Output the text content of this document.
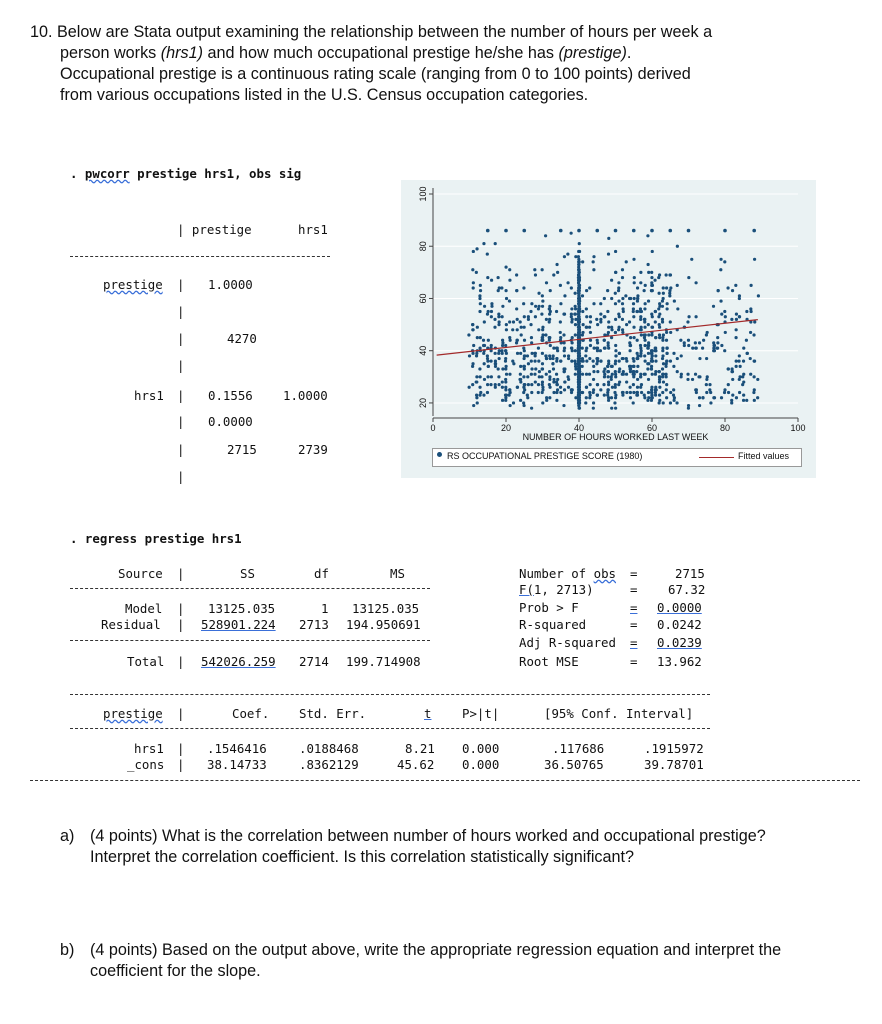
10. Below are Stata output examining the relationship between the number of hours per week a
person works (hrs1) and how much occupational prestige he/she has (prestige).
Occupational prestige is a continuous rating scale (ranging from 0 to 100 points) derived
from various occupations listed in the U.S. Census occupation categories.
. pwcorr prestige hrs1, obs sig
| prestige	hrs1
prestige | 1.0000
|
|	4270
|
hrs1 | 0.1556 1.0000
| 0.0000
|	2715	2739
|
20
40
60
80
100
0	20	40	60	80	100
NUMBER OF HOURS WORKED LAST WEEK
RS OCCUPATIONAL PRESTIGE SCORE (1980)	Fitted values
. regress prestige hrs1
Source |	SS	df	MS
Model | 13125.035	1 13125.035
Residual | 528901.224 2713 194.950691
Total | 542026.259 2714 199.714908
Number of obs =	2715
F(1, 2713)	= 67.32
Prob > F	= 0.0000
R-squared	= 0.0242
Adj R-squared = 0.0239
Root MSE	= 13.962
prestige |	Coef. Std. Err.	t P>|t|	[95% Conf. Interval]
hrs1 | .1546416	.0188468	8.21 0.000	.117686	.1915972
_cons | 38.14733	.8362129	45.62 0.000	36.50765	39.78701
a) (4 points) What is the correlation between number of hours worked and occupational prestige? Interpret the correlation coefficient. Is this correlation statistically significant?
b) (4 points) Based on the output above, write the appropriate regression equation and interpret the coefficient for the slope.
